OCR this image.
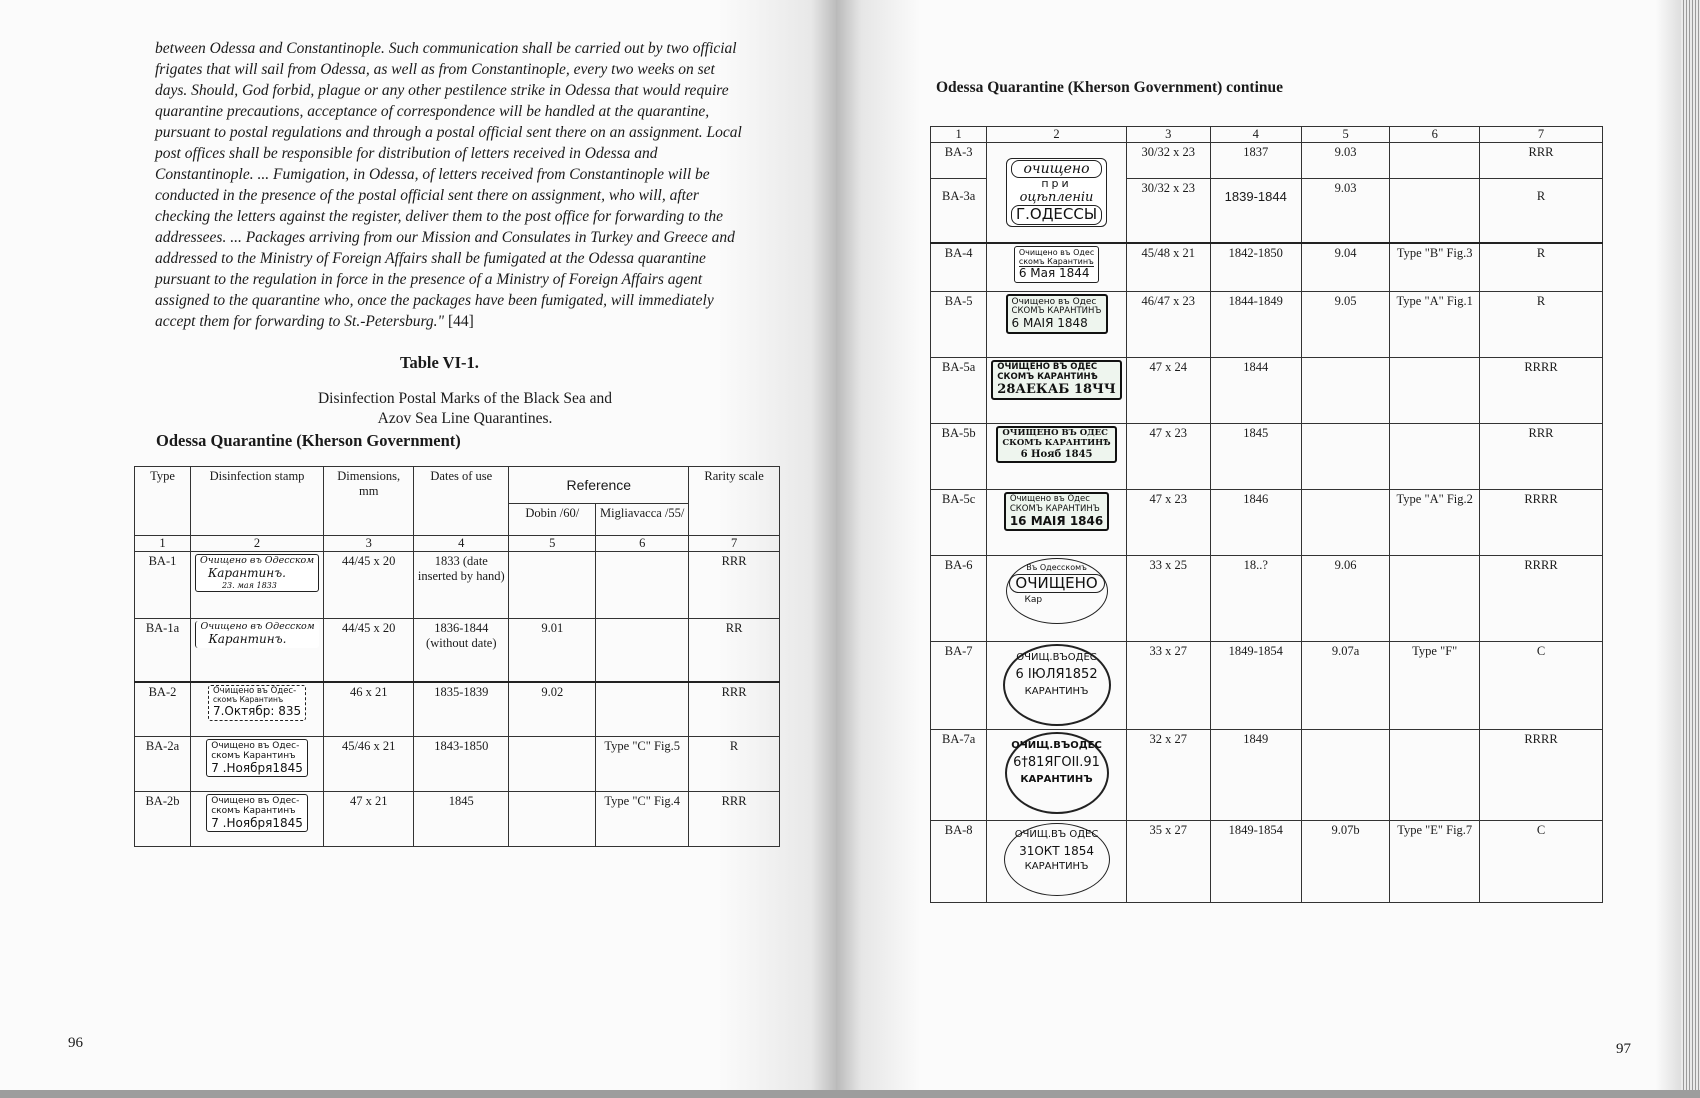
between Odessa and Constantinople. Such communication shall be carried out by two official
frigates that will sail from Odessa, as well as from Constantinople, every two weeks on set
days. Should, God forbid, plague or any other pestilence strike in Odessa that would require
quarantine precautions, acceptance of correspondence will be handled at the quarantine,
pursuant to postal regulations and through a postal official sent there on an assignment. Local
post offices shall be responsible for distribution of letters received in Odessa and
Constantinople. ... Fumigation, in Odessa, of letters received from Constantinople will be
conducted in the presence of the postal official sent there on assignment, who will, after
checking the letters against the register, deliver them to the post office for forwarding to the
addressees. ... Packages arriving from our Mission and Consulates in Turkey and Greece and
addressed to the Ministry of Foreign Affairs shall be fumigated at the Odessa quarantine
pursuant to the regulation in force in the presence of a Ministry of Foreign Affairs agent
assigned to the quarantine who, once the packages have been fumigated, will immediately
accept them for forwarding to St.-Petersburg." [44]
Table VI-1.
Disinfection Postal Marks of the Black Sea and
Azov Sea Line Quarantines.
Odessa Quarantine (Kherson Government)
Type	Disinfection stamp	Dimensions, mm	Dates of use	Reference		Rarity scale
				Dobin /60/	Migliavacca /55/	
1	2	3	4	5	6	7
BA-1	Очищено въ Одесском
Карантинъ.
23. мая 1833	44/45 x 20	1833 (date inserted by hand)			RRR
BA-1a	Очищено въ Одесском
Карантинъ.	44/45 x 20	1836-1844 (without date)	9.01		RR
BA-2	Очищено въ Одес-
скомъ Карантинъ
7.Октябр: 835	46 x 21	1835-1839	9.02		RRR
BA-2a	Очищено въ Одес-
скомъ Карантинъ
7 .Ноября1845	45/46 x 21	1843-1850		Type "C" Fig.5	R
BA-2b	Очищено въ Одес-
скомъ Карантинъ
7 .Ноября1845	47 x 21	1845		Type "C" Fig.4	RRR
96
Odessa Quarantine (Kherson Government) continue
1	2	3	4	5	6	7
BA-3	очищено
при
оцѣпленіи
Г.ОДЕССЫ	30/32 x 23	1837	9.03		RRR
BA-3a		30/32 x 23	1839-1844	9.03		R
BA-4	Очищено въ Одес
скомъ Карантинъ
6 Мая 1844	45/48 x 21	1842-1850	9.04	Type "B" Fig.3	R
BA-5	Очищено въ Одес
СКОМЪ КАРАНТИНЪ
6 МАІЯ 1848	46/47 x 23	1844-1849	9.05	Type "A" Fig.1	R
BA-5a	ОЧИЩЕНО ВЪ ОДЕС
СКОМЪ КАРАНТИНѢ
28АЕКАБ 18ЧЧ	47 x 24	1844			RRRR
BA-5b	ОЧИЩЕНО ВЪ ОДЕС
СКОМЪ КАРАНТИНѢ
6 Нояб 1845	47 x 23	1845			RRR
BA-5c	Очищено въ Одес
СКОМЪ КАРАНТИНЪ
16 МАІЯ 1846	47 x 23	1846		Type "A" Fig.2	RRRR
BA-6	Въ Одесскомъ
ОЧИЩЕНО
Кар	33 x 25	18..?	9.06		RRRR
BA-7	ОЧИЩ.ВЪОДЕС
6 ІЮЛЯ1852
КАРАНТИНЪ	33 x 27	1849-1854	9.07a	Type "F"	C
BA-7a	ОЧИЩ.ВЪОДЕС
6†81ЯГОІI.91
КАРАНТИНЪ	32 x 27	1849			RRRR
BA-8	ОЧИЩ.ВЪ ОДЕС
31ОКТ 1854
КАРАНТИНЪ	35 x 27	1849-1854	9.07b	Type "E" Fig.7	C
97
